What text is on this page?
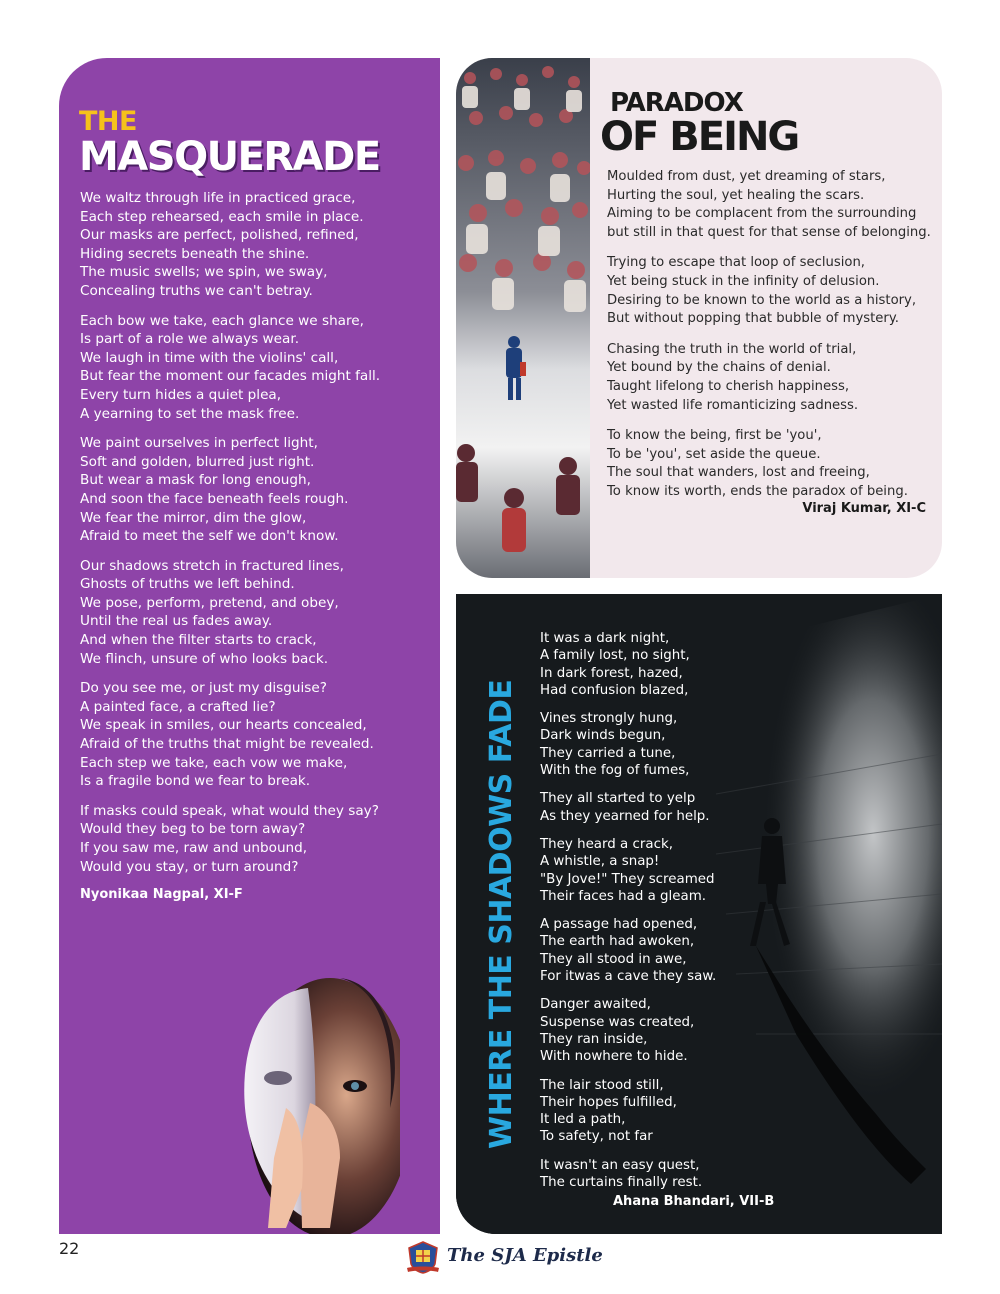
THE
MASQUERADE
We waltz through life in practiced grace,
Each step rehearsed, each smile in place.
Our masks are perfect, polished, refined,
Hiding secrets beneath the shine.
The music swells; we spin, we sway,
Concealing truths we can't betray.
Each bow we take, each glance we share,
Is part of a role we always wear.
We laugh in time with the violins' call,
But fear the moment our facades might fall.
Every turn hides a quiet plea,
A yearning to set the mask free.
We paint ourselves in perfect light,
Soft and golden, blurred just right.
But wear a mask for long enough,
And soon the face beneath feels rough.
We fear the mirror, dim the glow,
Afraid to meet the self we don't know.
Our shadows stretch in fractured lines,
Ghosts of truths we left behind.
We pose, perform, pretend, and obey,
Until the real us fades away.
And when the filter starts to crack,
We flinch, unsure of who looks back.
Do you see me, or just my disguise?
A painted face, a crafted lie?
We speak in smiles, our hearts concealed,
Afraid of the truths that might be revealed.
Each step we take, each vow we make,
Is a fragile bond we fear to break.
If masks could speak, what would they say?
Would they beg to be torn away?
If you saw me, raw and unbound,
Would you stay, or turn around?
Nyonikaa Nagpal, XI-F
PARADOX
OF BEING
Moulded from dust, yet dreaming of stars,
Hurting the soul, yet healing the scars.
Aiming to be complacent from the surrounding
but still in that quest for that sense of belonging.
Trying to escape that loop of seclusion,
Yet being stuck in the infinity of delusion.
Desiring to be known to the world as a history,
But without popping that bubble of mystery.
Chasing the truth in the world of trial,
Yet bound by the chains of denial.
Taught lifelong to cherish happiness,
Yet wasted life romanticizing sadness.
To know the being, first be 'you',
To be 'you', set aside the queue.
The soul that wanders, lost and freeing,
To know its worth, ends the paradox of being.
Viraj Kumar, XI-C
WHERE THE SHADOWS FADE
It was a dark night,
A family lost, no sight,
In dark forest, hazed,
Had confusion blazed,
Vines strongly hung,
Dark winds begun,
They carried a tune,
With the fog of fumes,
They all started to yelp
As they yearned for help.
They heard a crack,
A whistle, a snap!
"By Jove!" They screamed
Their faces had a gleam.
A passage had opened,
The earth had awoken,
They all stood in awe,
For itwas a cave they saw.
Danger awaited,
Suspense was created,
They ran inside,
With nowhere to hide.
The lair stood still,
Their hopes fulfilled,
It led a path,
To safety, not far
It wasn't an easy quest,
The curtains finally rest.
Ahana Bhandari, VII-B
22	The SJA Epistle
